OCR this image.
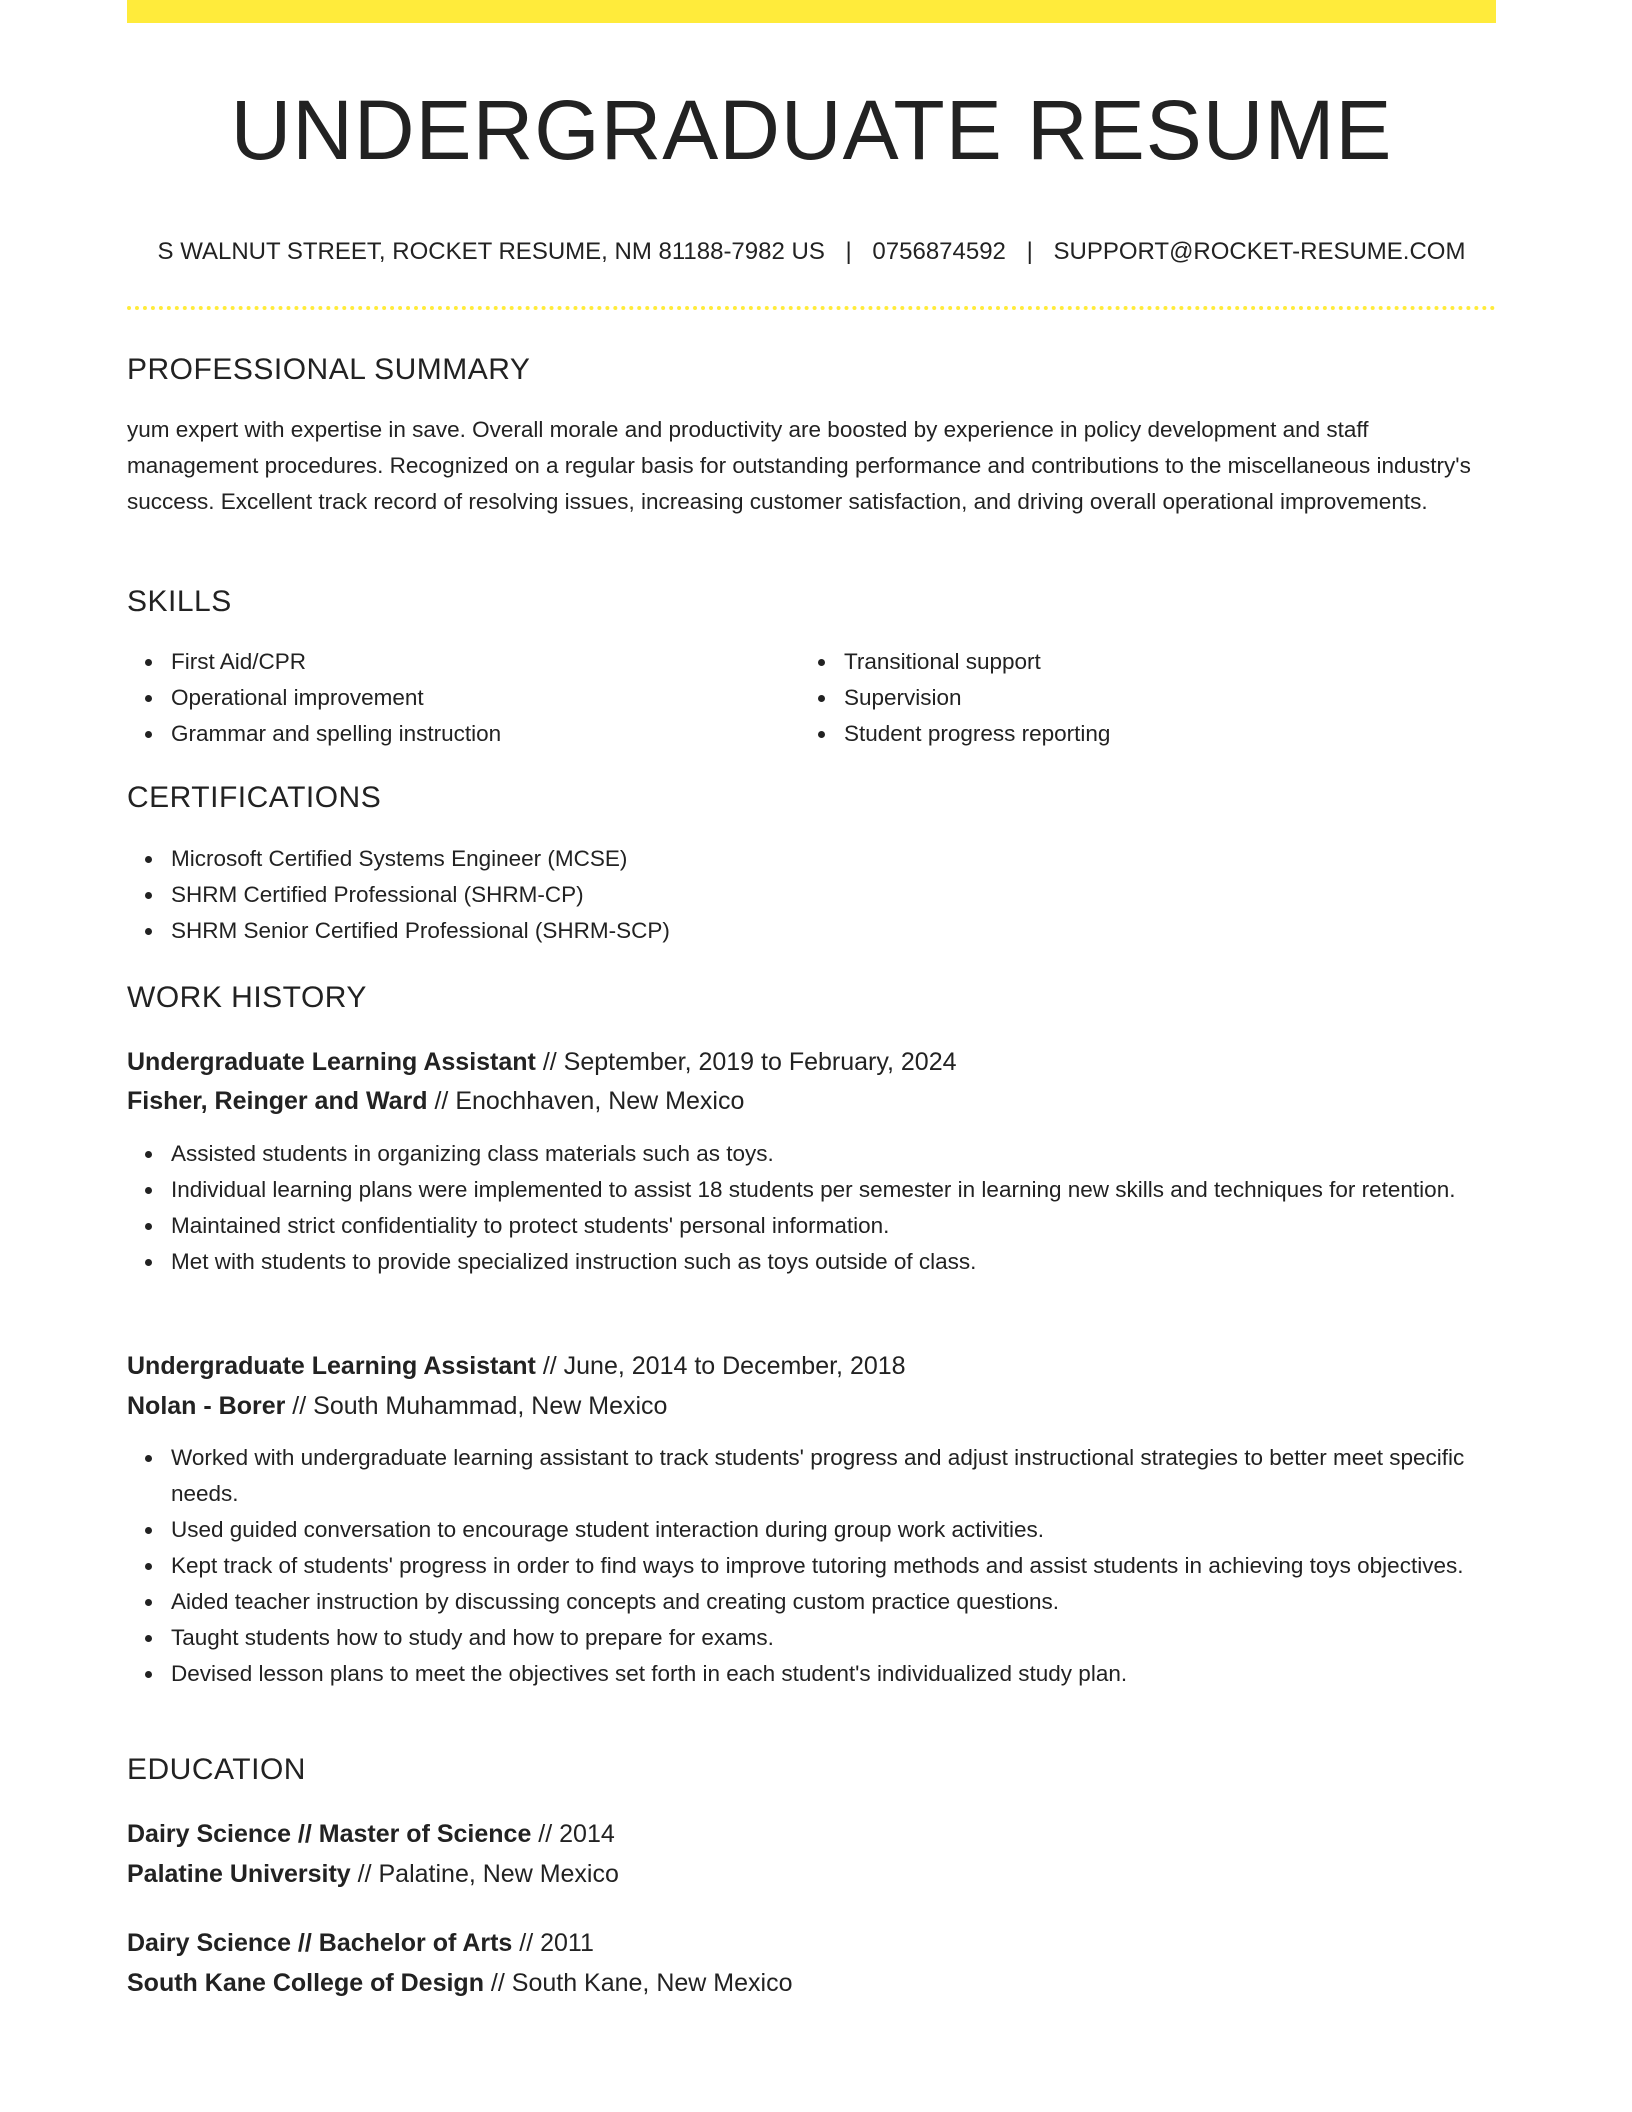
UNDERGRADUATE RESUME
S WALNUT STREET, ROCKET RESUME, NM 81188-7982 US | 0756874592 | SUPPORT@ROCKET-RESUME.COM
PROFESSIONAL SUMMARY
yum expert with expertise in save. Overall morale and productivity are boosted by experience in policy development and staff management procedures. Recognized on a regular basis for outstanding performance and contributions to the miscellaneous industry's success. Excellent track record of resolving issues, increasing customer satisfaction, and driving overall operational improvements.
SKILLS
First Aid/CPR
Operational improvement
Grammar and spelling instruction
Transitional support
Supervision
Student progress reporting
CERTIFICATIONS
Microsoft Certified Systems Engineer (MCSE)
SHRM Certified Professional (SHRM-CP)
SHRM Senior Certified Professional (SHRM-SCP)
WORK HISTORY
Undergraduate Learning Assistant // September, 2019 to February, 2024
Fisher, Reinger and Ward // Enochhaven, New Mexico
Assisted students in organizing class materials such as toys.
Individual learning plans were implemented to assist 18 students per semester in learning new skills and techniques for retention.
Maintained strict confidentiality to protect students' personal information.
Met with students to provide specialized instruction such as toys outside of class.
Undergraduate Learning Assistant // June, 2014 to December, 2018
Nolan - Borer // South Muhammad, New Mexico
Worked with undergraduate learning assistant to track students' progress and adjust instructional strategies to better meet specific needs.
Used guided conversation to encourage student interaction during group work activities.
Kept track of students' progress in order to find ways to improve tutoring methods and assist students in achieving toys objectives.
Aided teacher instruction by discussing concepts and creating custom practice questions.
Taught students how to study and how to prepare for exams.
Devised lesson plans to meet the objectives set forth in each student's individualized study plan.
EDUCATION
Dairy Science // Master of Science // 2014
Palatine University // Palatine, New Mexico
Dairy Science // Bachelor of Arts // 2011
South Kane College of Design // South Kane, New Mexico
